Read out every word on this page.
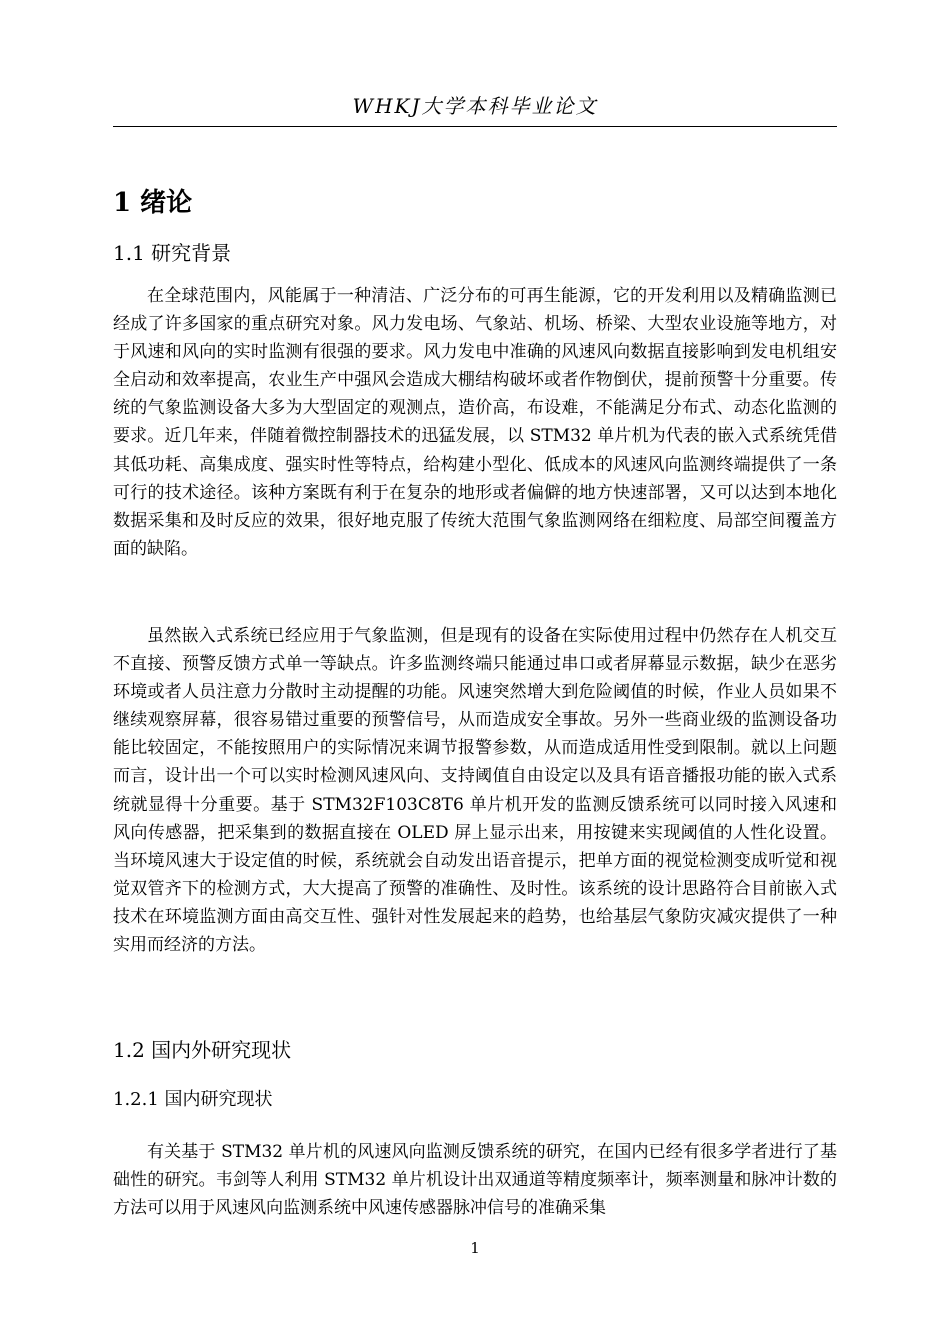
WHKJ大学本科毕业论文
1 绪论
1.1 研究背景

在全球范围内，风能属于一种清洁、广泛分布的可再生能源，它的开发利用以及精确监测已经成了许多国家的重点研究对象。风力发电场、气象站、机场、桥梁、大型农业设施等地方，对于风速和风向的实时监测有很强的要求。风力发电中准确的风速风向数据直接影响到发电机组安全启动和效率提高，农业生产中强风会造成大棚结构破坏或者作物倒伏，提前预警十分重要。传统的气象监测设备大多为大型固定的观测点，造价高，布设难，不能满足分布式、动态化监测的要求。近几年来，伴随着微控制器技术的迅猛发展，以 STM32 单片机为代表的嵌入式系统凭借其低功耗、高集成度、强实时性等特点，给构建小型化、低成本的风速风向监测终端提供了一条可行的技术途径。该种方案既有利于在复杂的地形或者偏僻的地方快速部署，又可以达到本地化数据采集和及时反应的效果，很好地克服了传统大范围气象监测网络在细粒度、局部空间覆盖方面的缺陷。

虽然嵌入式系统已经应用于气象监测，但是现有的设备在实际使用过程中仍然存在人机交互不直接、预警反馈方式单一等缺点。许多监测终端只能通过串口或者屏幕显示数据，缺少在恶劣环境或者人员注意力分散时主动提醒的功能。风速突然增大到危险阈值的时候，作业人员如果不继续观察屏幕，很容易错过重要的预警信号，从而造成安全事故。另外一些商业级的监测设备功能比较固定，不能按照用户的实际情况来调节报警参数，从而造成适用性受到限制。就以上问题而言，设计出一个可以实时检测风速风向、支持阈值自由设定以及具有语音播报功能的嵌入式系统就显得十分重要。基于 STM32F103C8T6 单片机开发的监测反馈系统可以同时接入风速和风向传感器，把采集到的数据直接在 OLED 屏上显示出来，用按键来实现阈值的人性化设置。当环境风速大于设定值的时候，系统就会自动发出语音提示，把单方面的视觉检测变成听觉和视觉双管齐下的检测方式，大大提高了预警的准确性、及时性。该系统的设计思路符合目前嵌入式技术在环境监测方面由高交互性、强针对性发展起来的趋势，也给基层气象防灾减灾提供了一种实用而经济的方法。

1.2 国内外研究现状
1.2.1 国内研究现状

有关基于 STM32 单片机的风速风向监测反馈系统的研究，在国内已经有很多学者进行了基础性的研究。韦剑等人利用 STM32 单片机设计出双通道等精度频率计，频率测量和脉冲计数的方法可以用于风速风向监测系统中风速传感器脉冲信号的准确采集

1
